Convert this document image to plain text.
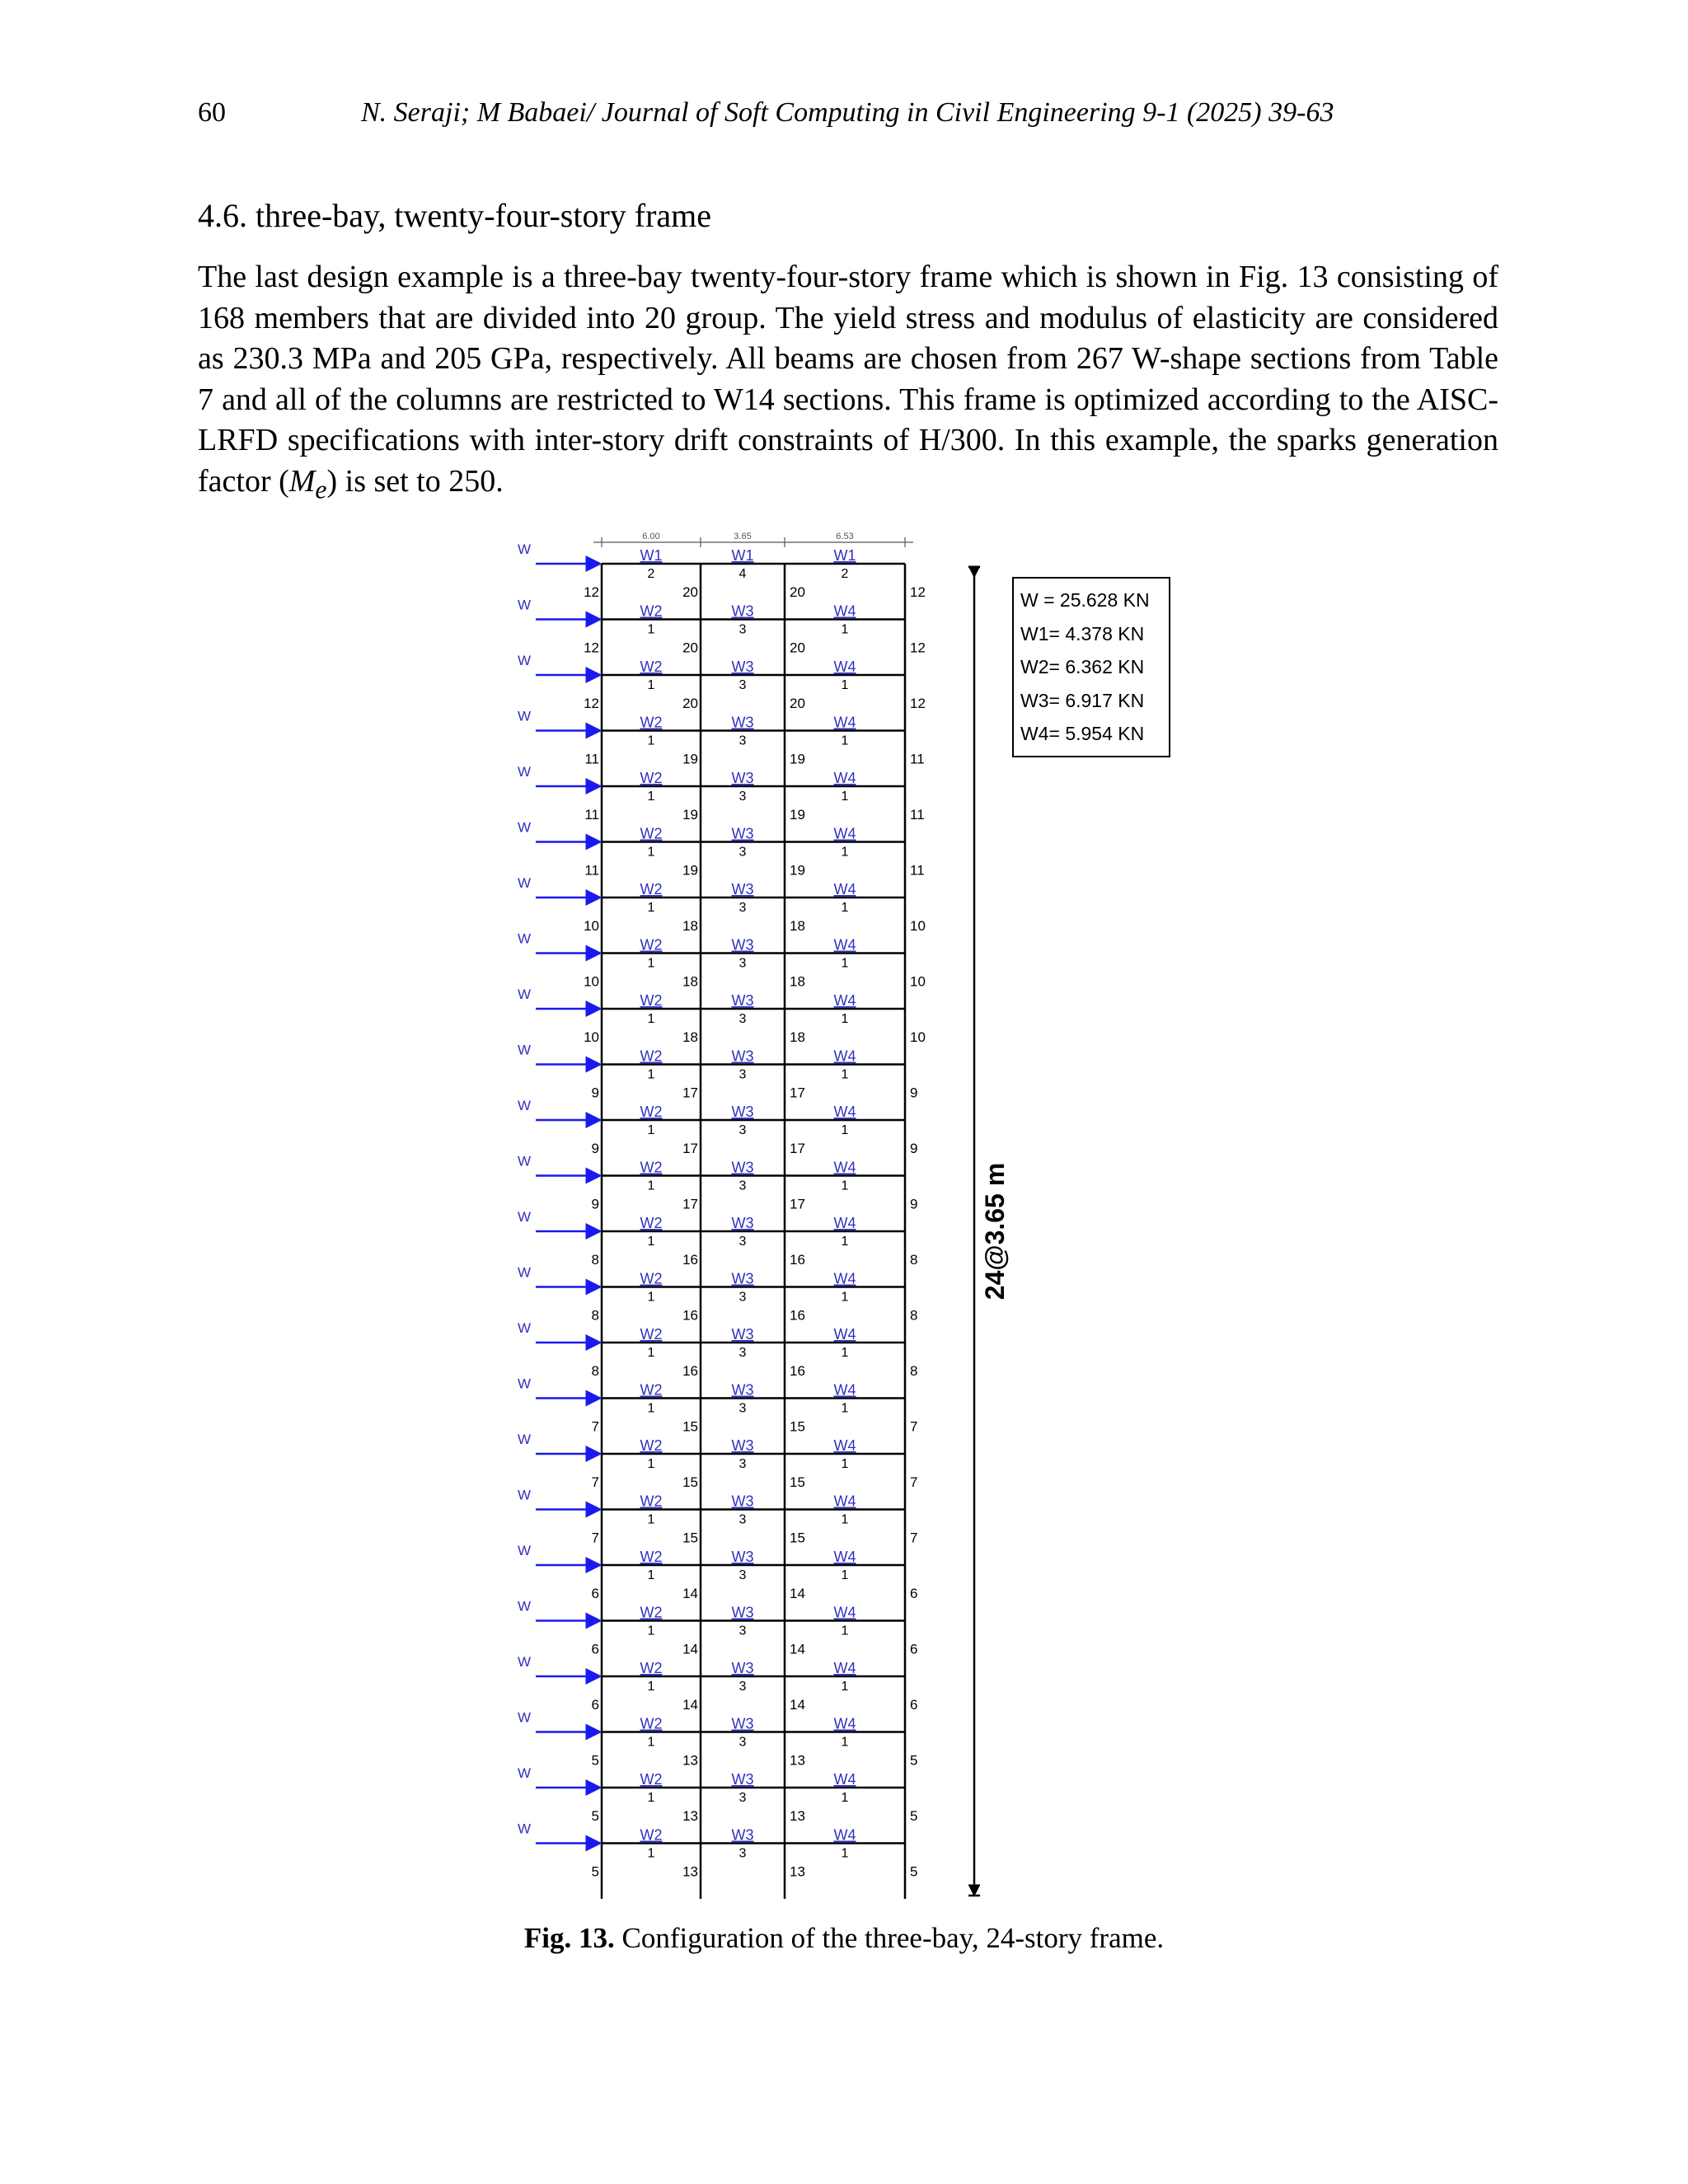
60	N. Seraji; M Babaei/ Journal of Soft Computing in Civil Engineering 9-1 (2025) 39-63
4.6. three-bay, twenty-four-story frame
The last design example is a three-bay twenty-four-story frame which is shown in Fig. 13 consisting of 168 members that are divided into 20 group. The yield stress and modulus of elasticity are considered as 230.3 MPa and 205 GPa, respectively. All beams are chosen from 267 W-shape sections from Table 7 and all of the columns are restricted to W14 sections. This frame is optimized according to the AISC-LRFD specifications with inter-story drift constraints of H/300. In this example, the sparks generation factor $(M_e)$ is set to 250.
6.00	3.65	6.53
W	W1
2
W1
4
W1
2
12	20	20	12
W	W2
1
W3
3
W4
1
12	20	20	12
W	W2
1
W3
3
W4
1
12	20	20	12
W	W2
1
W3
3
W4
1
11	19	19	11
W	W2
1
W3
3
W4
1
11	19	19	11
W	W2
1
W3
3
W4
1
11	19	19	11
W	W2
1
W3
3
W4
1
10	18	18	10
W	W2
1
W3
3
W4
1
10	18	18	10
W	W2
1
W3
3
W4
1
10	18	18	10
W	W2
1
W3
3
W4
1
9	17	17	9
W	W2
1
W3
3
W4
1
9	17	17	9
W	W2
1
W3
3
W4
1
9	17	17	9
W	W2
1
W3
3
W4
1
8	16	16	8
W	W2
1
W3
3
W4
1
8	16	16	8
W	W2
1
W3
3
W4
1
8	16	16	8
W	W2
1
W3
3
W4
1
7	15	15	7
W	W2
1
W3
3
W4
1
7	15	15	7
W	W2
1
W3
3
W4
1
7	15	15	7
W	W2
1
W3
3
W4
1
6	14	14	6
W	W2
1
W3
3
W4
1
6	14	14	6
W	W2
1
W3
3
W4
1
6	14	14	6
W	W2
1
W3
3
W4
1
5	13	13	5
W	W2
1
W3
3
W4
1
5	13	13	5
W	W2
1
W3
3
W4
1
5	13	13	5
24@3.65 m
W = 25.628 KN
W1= 4.378 KN
W2= 6.362 KN
W3= 6.917 KN
W4= 5.954 KN
Fig. 13. Configuration of the three-bay, 24-story frame.
